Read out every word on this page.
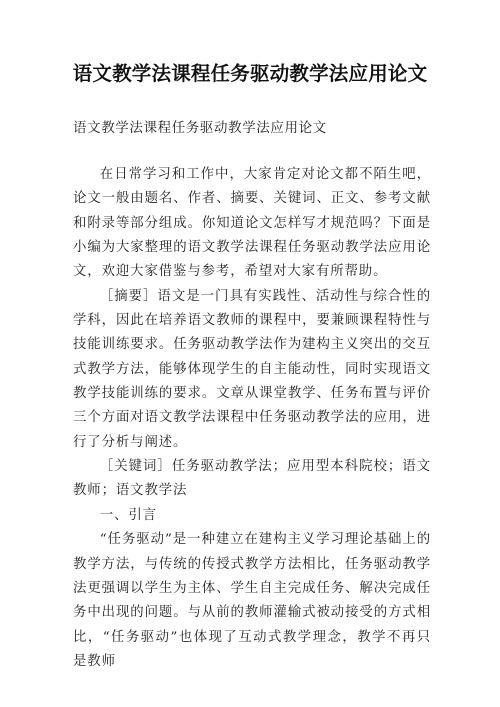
语文教学法课程任务驱动教学法应用论文
语文教学法课程任务驱动教学法应用论文

在日常学习和工作中，大家肯定对论文都不陌生吧，论文一般由题名、作者、摘要、关键词、正文、参考文献和附录等部分组成。你知道论文怎样写才规范吗？下面是小编为大家整理的语文教学法课程任务驱动教学法应用论文，欢迎大家借鉴与参考，希望对大家有所帮助。

［摘要］语文是一门具有实践性、活动性与综合性的学科，因此在培养语文教师的课程中，要兼顾课程特性与技能训练要求。任务驱动教学法作为建构主义突出的交互式教学方法，能够体现学生的自主能动性，同时实现语文教学技能训练的要求。文章从课堂教学、任务布置与评价三个方面对语文教学法课程中任务驱动教学法的应用，进行了分析与阐述。

［关键词］任务驱动教学法；应用型本科院校；语文教师；语文教学法

一、引言

“任务驱动”是一种建立在建构主义学习理论基础上的教学方法，与传统的传授式教学方法相比，任务驱动教学法更强调以学生为主体、学生自主完成任务、解决完成任务中出现的问题。与从前的教师灌输式被动接受的方式相比，“任务驱动”也体现了互动式教学理念，教学不再只是教师
